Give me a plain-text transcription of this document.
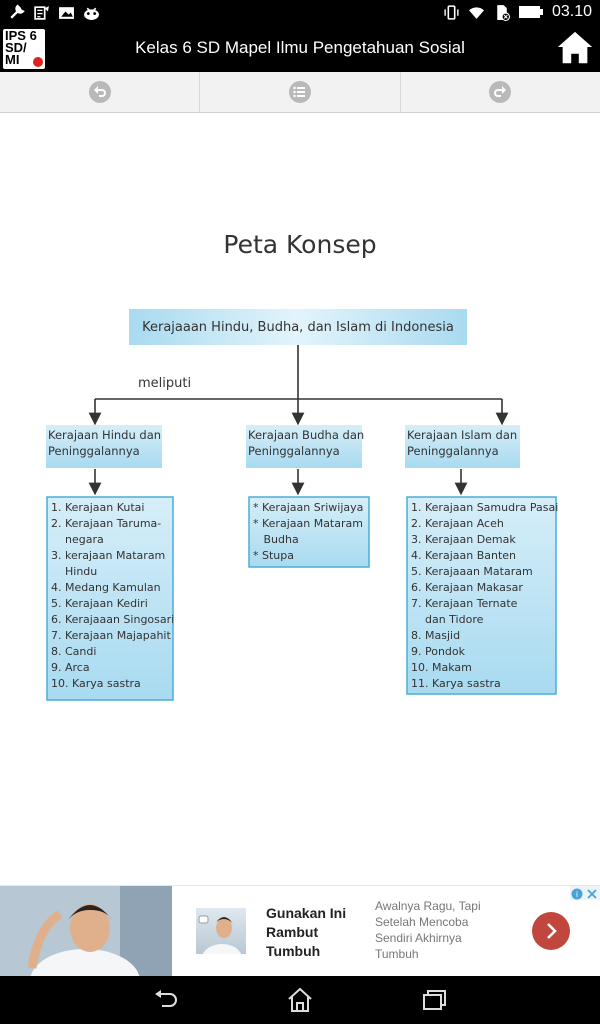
03.10
IPS 6 SD/ MI
Kelas 6 SD Mapel Ilmu Pengetahuan Sosial
Peta Konsep
Kerajaaan Hindu, Budha, dan Islam di Indonesia
meliputi
Kerajaan Hindu dan Peninggalannya
Kerajaan Budha dan Peninggalannya
Kerajaan Islam dan Peninggalannya
1. Kerajaan Kutai 2. Kerajaan Taruma-    negara 3. kerajaan Mataram    Hindu 4. Medang Kamulan 5. Kerajaan Kediri 6. Kerajaaan Singosari 7. Kerajaan Majapahit 8. Candi 9. Arca 10. Karya sastra
* Kerajaan Sriwijaya * Kerajaan Mataram   Budha * Stupa
1. Kerajaan Samudra Pasai 2. Kerajaan Aceh 3. Kerajaan Demak 4. Kerajaan Banten 5. Kerajaaan Mataram 6. Kerajaan Makasar 7. Kerajaan Ternate    dan Tidore 8. Masjid 9. Pondok 10. Makam 11. Karya sastra
Gunakan Ini Rambut Tumbuh
Awalnya Ragu, Tapi Setelah Mencoba Sendiri Akhirnya Tumbuh
i
